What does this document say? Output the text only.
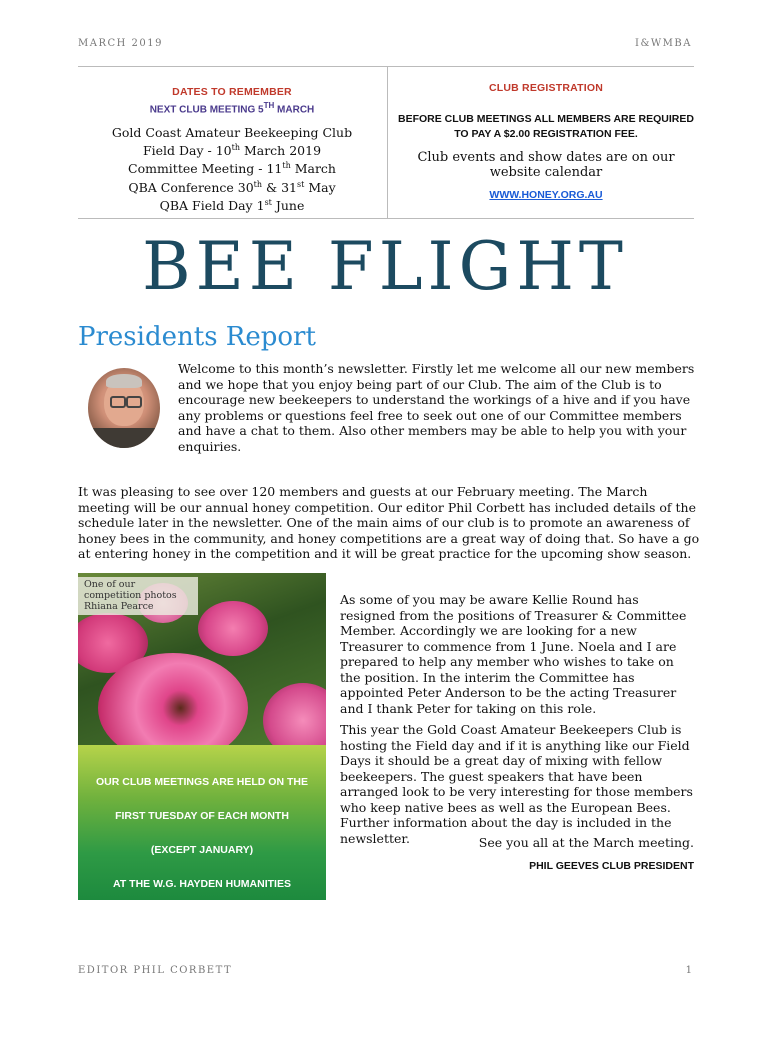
MARCH 2019	I&WMBA
DATES TO REMEMBER
NEXT CLUB MEETING 5TH MARCH
Gold Coast Amateur Beekeeping Club
Field Day - 10th March 2019
Committee Meeting - 11th March
QBA Conference 30th & 31st May
QBA Field Day 1st June
CLUB REGISTRATION
BEFORE CLUB MEETINGS ALL MEMBERS ARE REQUIRED TO PAY A $2.00 REGISTRATION FEE.
Club events and show dates are on our website calendar
WWW.HONEY.ORG.AU
BEE FLIGHT
Presidents Report
Welcome to this month’s newsletter. Firstly let me welcome all our new members and we hope that you enjoy being part of our Club. The aim of the Club is to encourage new beekeepers to understand the workings of a hive and if you have any problems or questions feel free to seek out one of our Committee members and have a chat to them. Also other members may be able to help you with your enquiries.
It was pleasing to see over 120 members and guests at our February meeting. The March meeting will be our annual honey competition. Our editor Phil Corbett has included details of the schedule later in the newsletter. One of the main aims of our club is to promote an awareness of honey bees in the community, and honey competitions are a great way of doing that. So have a go at entering honey in the competition and it will be great practice for the upcoming show season.
One of our competition photos Rhiana Pearce

OUR CLUB MEETINGS ARE HELD ON THE

FIRST TUESDAY OF EACH MONTH

(EXCEPT JANUARY)

AT THE W.G. HAYDEN HUMANITIES

CENTRE

CNR. SOUTH AND NICHOLAS STREETS,

IPSWICH $7.30^{PM}$.

VISITORS WELCOME

As some of you may be aware Kellie Round has resigned from the positions of Treasurer & Committee Member. Accordingly we are looking for a new Treasurer to commence from 1 June. Noela and I are prepared to help any member who wishes to take on the position. In the interim the Committee has appointed Peter Anderson to be the acting Treasurer and I thank Peter for taking on this role.

This year the Gold Coast Amateur Beekeepers Club is hosting the Field day and if it is anything like our Field Days it should be a great day of mixing with fellow beekeepers. The guest speakers that have been arranged look to be very interesting for those members who keep native bees as well as the European Bees. Further information about the day is included in the newsletter.	See you all at the March meeting.
PHIL GEEVES CLUB PRESIDENT
EDITOR PHIL CORBETT	1
